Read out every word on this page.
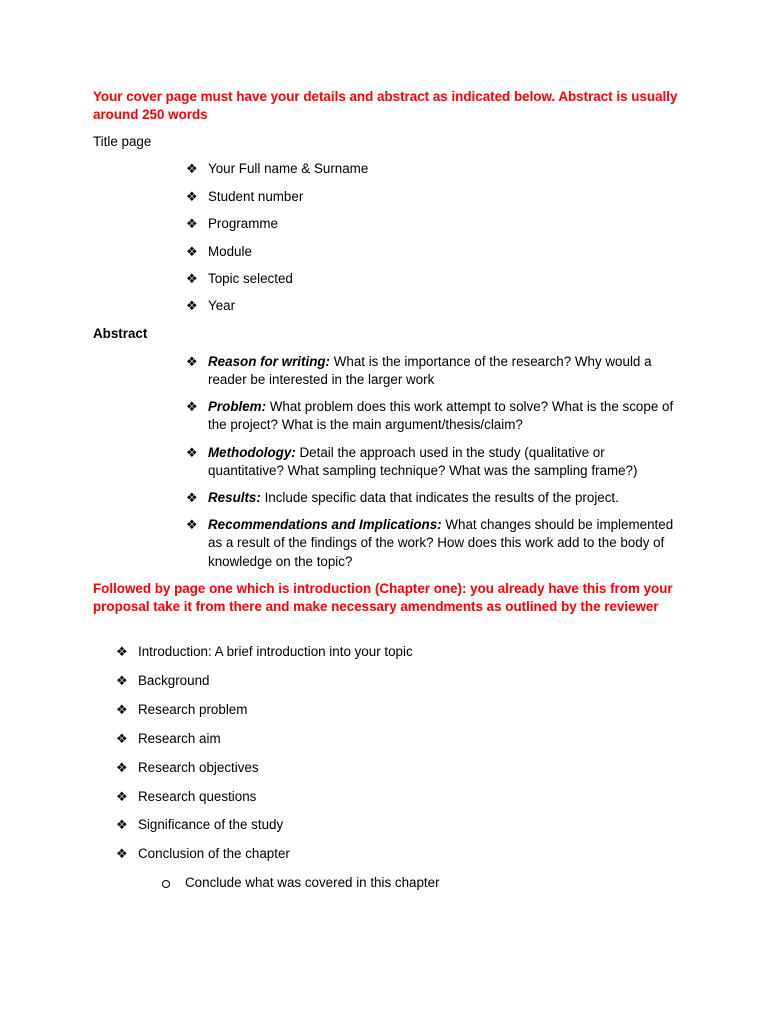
Your cover page must have your details and abstract as indicated below. Abstract is usually around 250 words
Title page
❖ Your Full name & Surname
❖ Student number
❖ Programme
❖ Module
❖ Topic selected
❖ Year
Abstract
❖ Reason for writing: What is the importance of the research? Why would a reader be interested in the larger work
❖ Problem: What problem does this work attempt to solve? What is the scope of the project? What is the main argument/thesis/claim?
❖ Methodology: Detail the approach used in the study (qualitative or quantitative? What sampling technique? What was the sampling frame?)
❖ Results: Include specific data that indicates the results of the project.
❖ Recommendations and Implications: What changes should be implemented as a result of the findings of the work? How does this work add to the body of knowledge on the topic?
Followed by page one which is introduction (Chapter one): you already have this from your proposal take it from there and make necessary amendments as outlined by the reviewer
❖ Introduction: A brief introduction into your topic
❖ Background
❖ Research problem
❖ Research aim
❖ Research objectives
❖ Research questions
❖ Significance of the study
❖ Conclusion of the chapter
Conclude what was covered in this chapter
